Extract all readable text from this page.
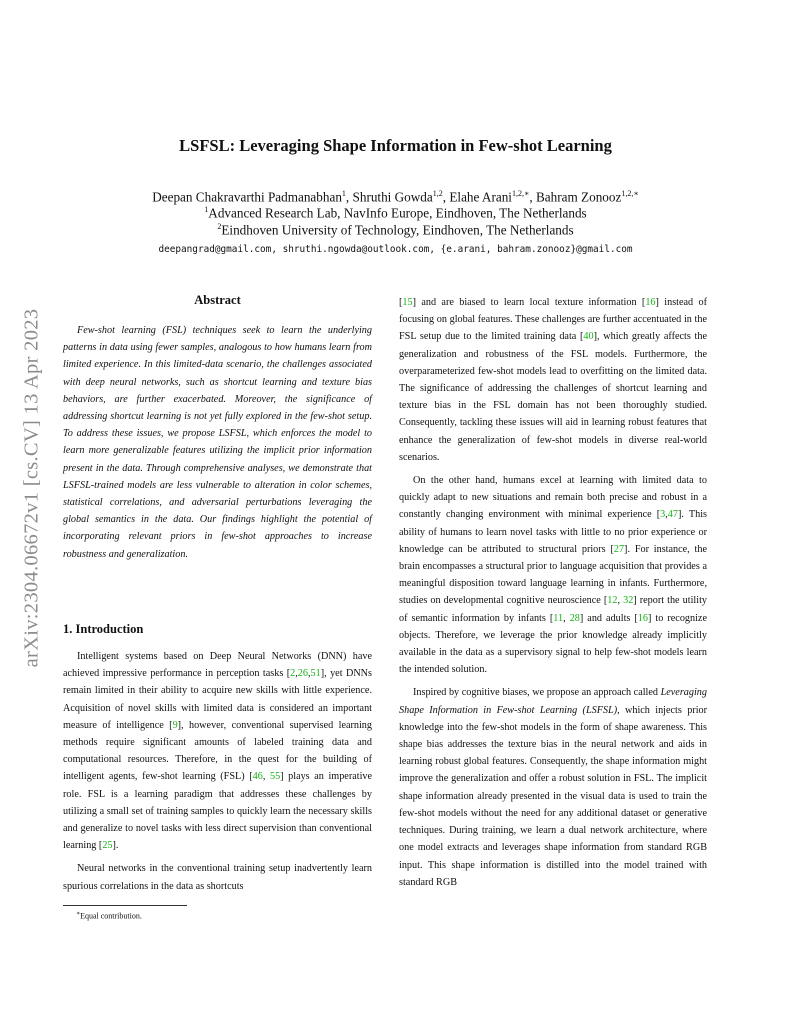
arXiv:2304.06672v1 [cs.CV] 13 Apr 2023
LSFSL: Leveraging Shape Information in Few-shot Learning
Deepan Chakravarthi Padmanabhan$^1$, Shruthi Gowda$^{1,2}$, Elahe Arani$^{1,2,∗}$, Bahram Zonooz$^{1,2,∗}$
$^1$Advanced Research Lab, NavInfo Europe, Eindhoven, The Netherlands
$^2$Eindhoven University of Technology, Eindhoven, The Netherlands
deepangrad@gmail.com, shruthi.ngowda@outlook.com, {e.arani, bahram.zonooz}@gmail.com
Abstract

Few-shot learning (FSL) techniques seek to learn the underlying patterns in data using fewer samples, analogous to how humans learn from limited experience. In this limited-data scenario, the challenges associated with deep neural networks, such as shortcut learning and texture bias behaviors, are further exacerbated. Moreover, the significance of addressing shortcut learning is not yet fully explored in the few-shot setup. To address these issues, we propose LSFSL, which enforces the model to learn more generalizable features utilizing the implicit prior information present in the data. Through comprehensive analyses, we demonstrate that LSFSL-trained models are less vulnerable to alteration in color schemes, statistical correlations, and adversarial perturbations leveraging the global semantics in the data. Our findings highlight the potential of incorporating relevant priors in few-shot approaches to increase robustness and generalization.

1. Introduction

Intelligent systems based on Deep Neural Networks (DNN) have achieved impressive performance in perception tasks [2,26,51], yet DNNs remain limited in their ability to acquire new skills with little experience. Acquisition of novel skills with limited data is considered an important measure of intelligence [9], however, conventional supervised learning methods require significant amounts of labeled training data and computational resources. Therefore, in the quest for the building of intelligent agents, few-shot learning (FSL) [46, 55] plays an imperative role. FSL is a learning paradigm that addresses these challenges by utilizing a small set of training samples to quickly learn the necessary skills and generalize to novel tasks with less direct supervision than conventional learning [25].

Neural networks in the conventional training setup inadvertently learn spurious correlations in the data as shortcuts

[15] and are biased to learn local texture information [16] instead of focusing on global features. These challenges are further accentuated in the FSL setup due to the limited training data [40], which greatly affects the generalization and robustness of the FSL models. Furthermore, the overparameterized few-shot models lead to overfitting on the limited data. The significance of addressing the challenges of shortcut learning and texture bias in the FSL domain has not been thoroughly studied. Consequently, tackling these issues will aid in learning robust features that enhance the generalization of few-shot models in diverse real-world scenarios.

On the other hand, humans excel at learning with limited data to quickly adapt to new situations and remain both precise and robust in a constantly changing environment with minimal experience [3,47]. This ability of humans to learn novel tasks with little to no prior experience or knowledge can be attributed to structural priors [27]. For instance, the brain encompasses a structural prior to language acquisition that provides a meaningful disposition toward language learning in infants. Furthermore, studies on developmental cognitive neuroscience [12, 32] report the utility of semantic information by infants [11, 28] and adults [16] to recognize objects. Therefore, we leverage the prior knowledge already implicitly available in the data as a supervisory signal to help few-shot models learn the intended solution.

Inspired by cognitive biases, we propose an approach called Leveraging Shape Information in Few-shot Learning (LSFSL), which injects prior knowledge into the few-shot models in the form of shape awareness. This shape bias addresses the texture bias in the neural network and aids in learning robust global features. Consequently, the shape information might improve the generalization and offer a robust solution in FSL. The implicit shape information already presented in the visual data is used to train the few-shot models without the need for any additional dataset or generative techniques. During training, we learn a dual network architecture, where one model extracts and leverages shape information from standard RGB input. This shape information is distilled into the model trained with standard RGB

∗Equal contribution.
